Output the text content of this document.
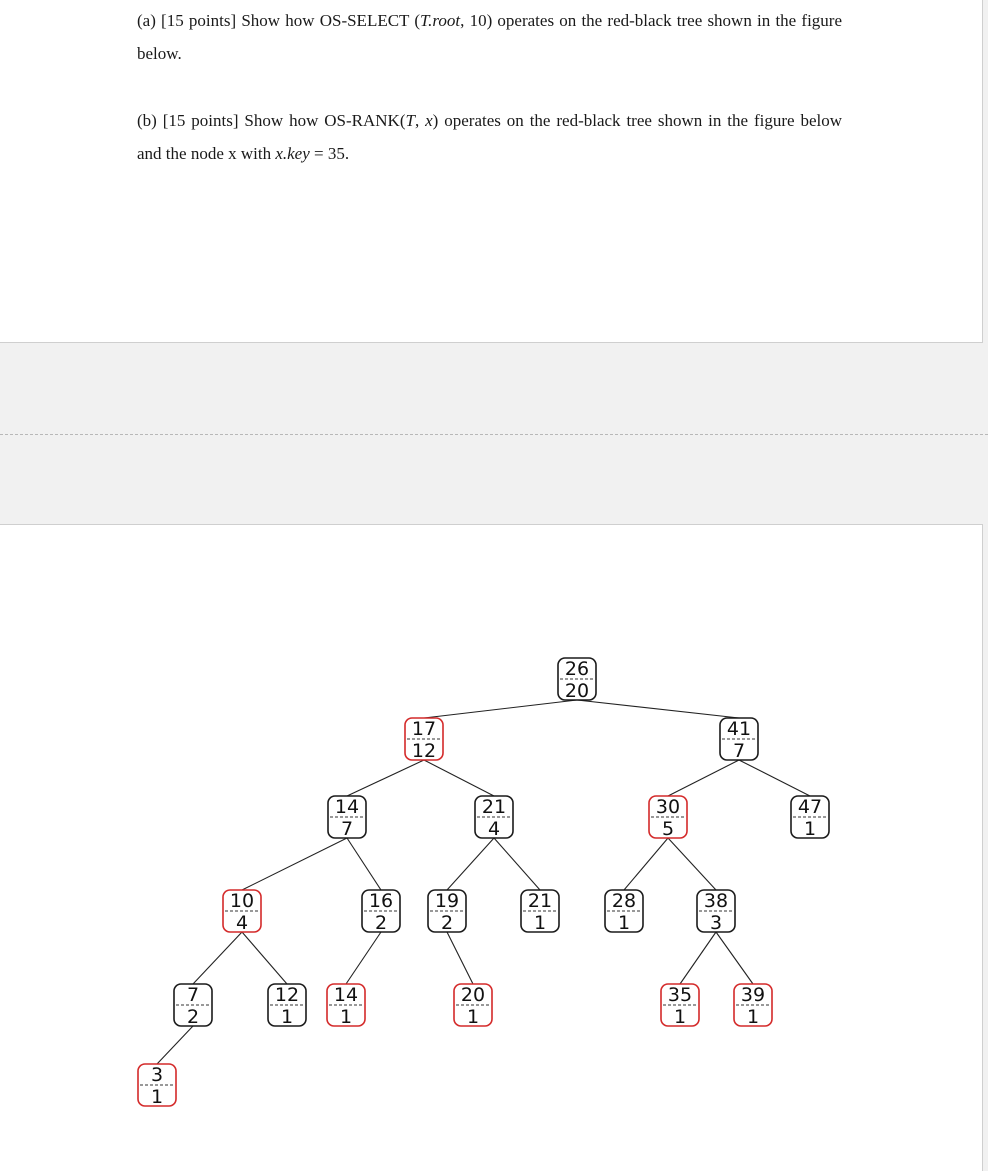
(a) [15 points] Show how OS-SELECT (T.root, 10) operates on the red-black tree shown in the figure below.
(b) [15 points] Show how OS-RANK(T, x) operates on the red-black tree shown in the figure below and the node x with x.key = 35.
26
20
17
12
41
7
14
7
21
4
30
5
47
1
10
4
16
2
19
2
21
1
28
1
38
3
7
2
12
1
14
1
20
1
35
1
39
1
3
1
